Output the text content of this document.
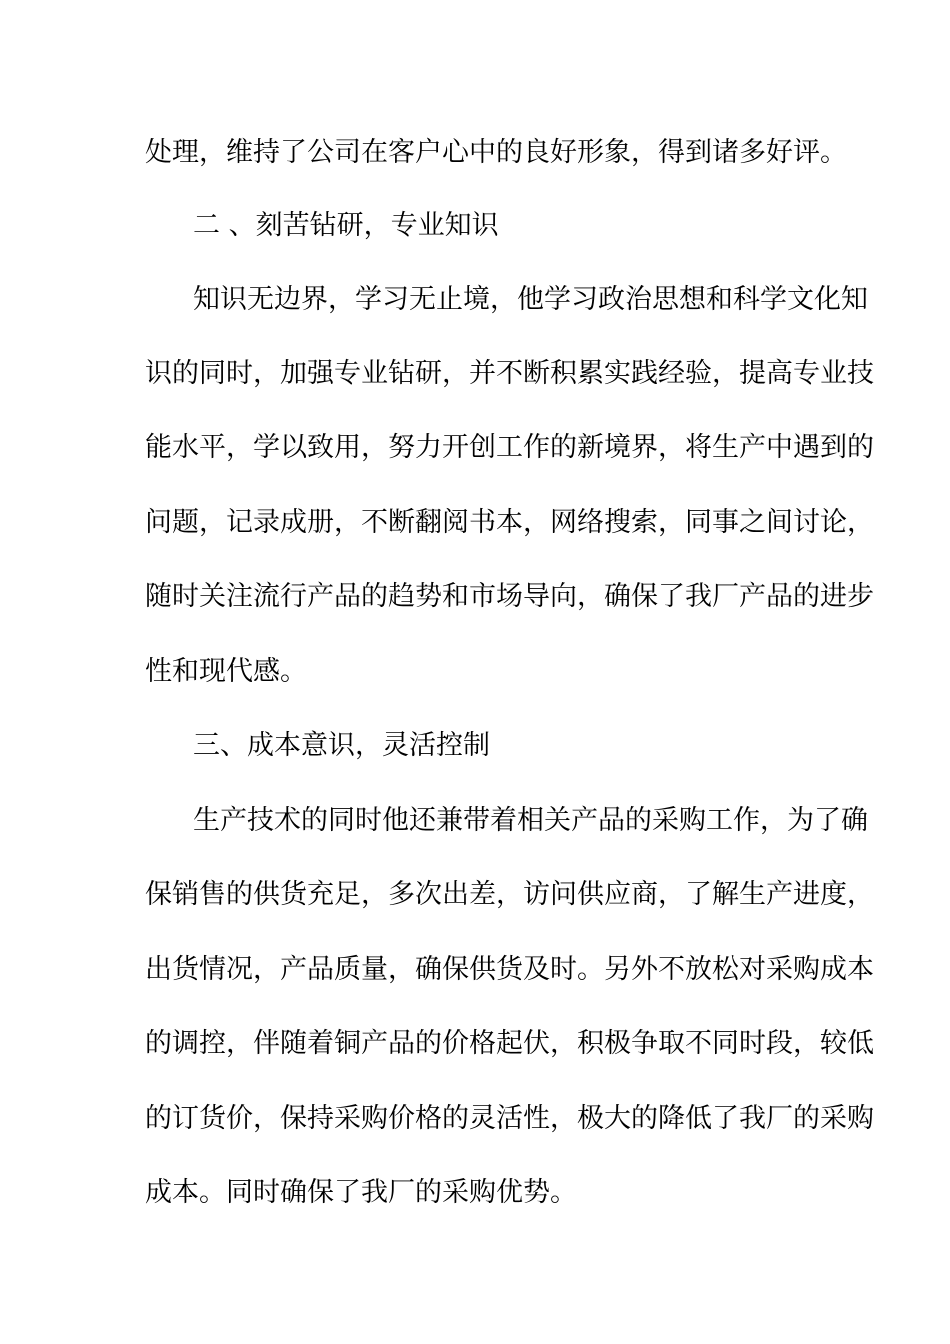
处理，维持了公司在客户心中的良好形象，得到诸多好评。
二 、刻苦钻研，专业知识
知识无边界，学习无止境，他学习政治思想和科学文化知
识的同时，加强专业钻研，并不断积累实践经验，提高专业技
能水平，学以致用，努力开创工作的新境界，将生产中遇到的
问题，记录成册，不断翻阅书本，网络搜索，同事之间讨论，
随时关注流行产品的趋势和市场导向，确保了我厂产品的进步
性和现代感。
三、成本意识，灵活控制
生产技术的同时他还兼带着相关产品的采购工作，为了确
保销售的供货充足，多次出差，访问供应商，了解生产进度，
出货情况，产品质量，确保供货及时。另外不放松对采购成本
的调控，伴随着铜产品的价格起伏，积极争取不同时段，较低
的订货价，保持采购价格的灵活性，极大的降低了我厂的采购
成本。同时确保了我厂的采购优势。
